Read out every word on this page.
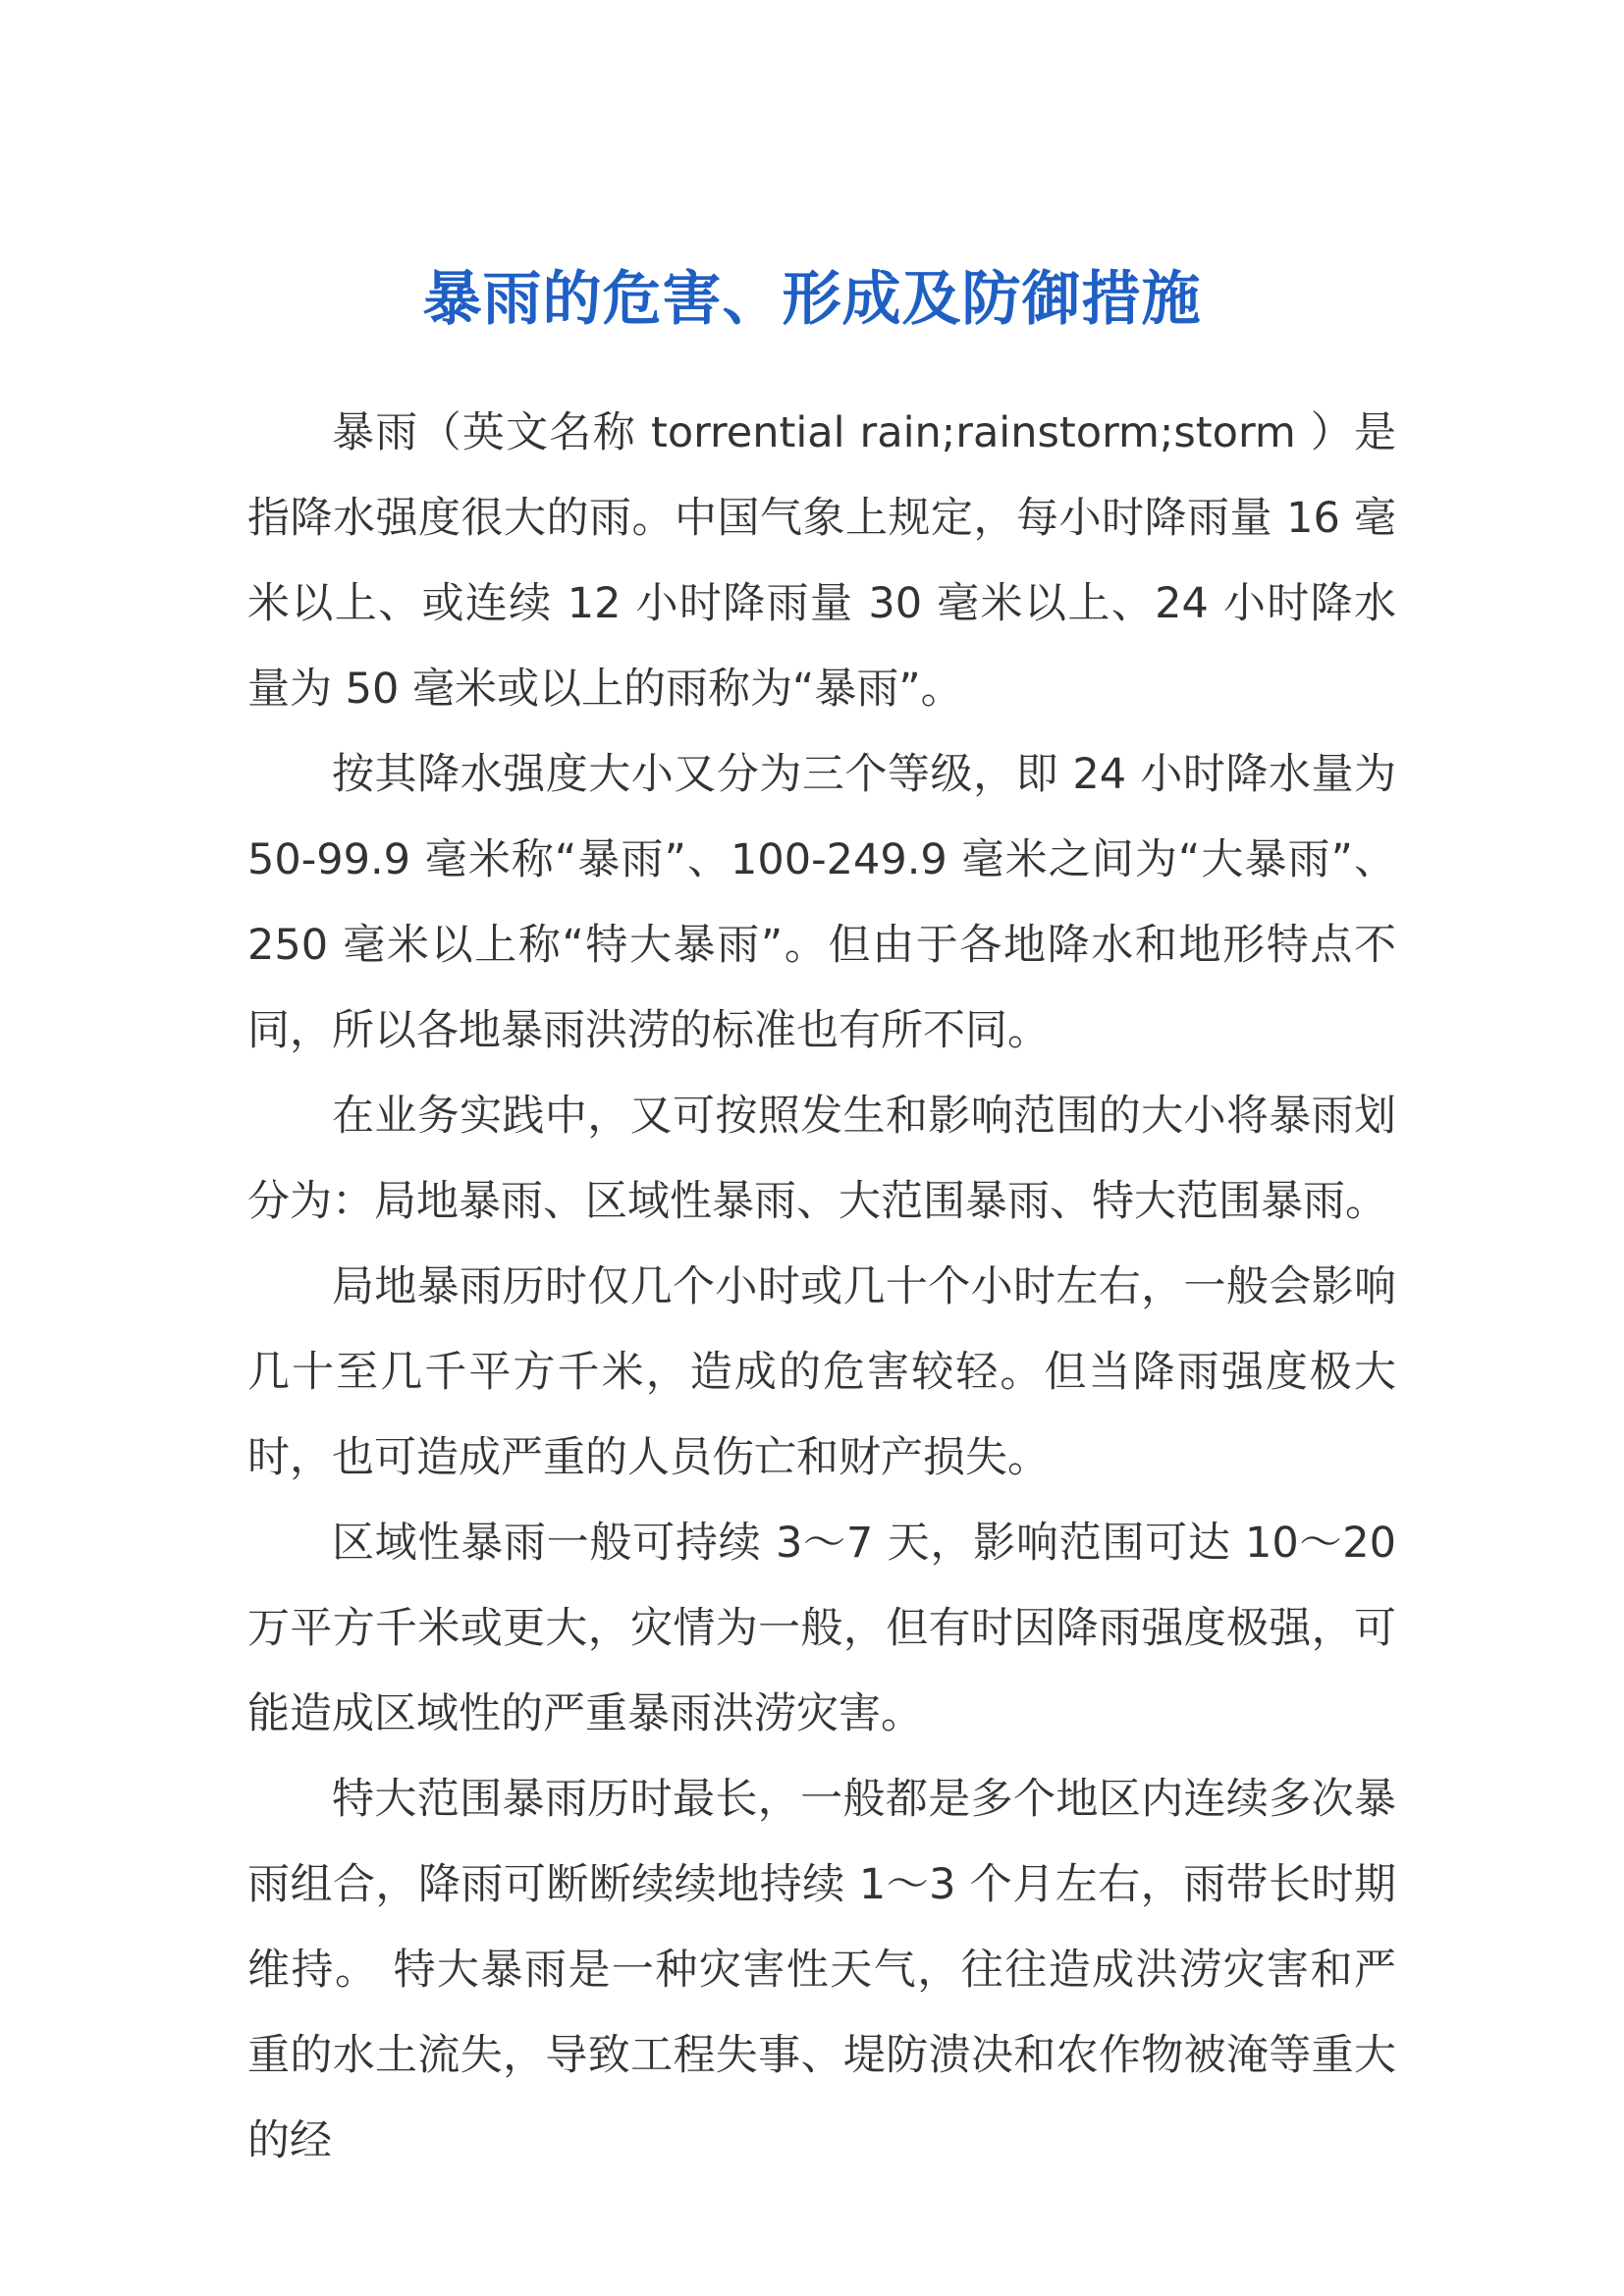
暴雨的危害、形成及防御措施

暴雨（英文名称 torrential rain;rainstorm;storm ）是指降水强度很大的雨。中国气象上规定，每小时降雨量 16 毫米以上、或连续 12 小时降雨量 30 毫米以上、24 小时降水量为 50 毫米或以上的雨称为“暴雨”。

按其降水强度大小又分为三个等级，即 24 小时降水量为 50-99.9 毫米称“暴雨”、100-249.9 毫米之间为“大暴雨”、250 毫米以上称“特大暴雨”。但由于各地降水和地形特点不同，所以各地暴雨洪涝的标准也有所不同。

在业务实践中，又可按照发生和影响范围的大小将暴雨划分为：局地暴雨、区域性暴雨、大范围暴雨、特大范围暴雨。

局地暴雨历时仅几个小时或几十个小时左右，一般会影响几十至几千平方千米，造成的危害较轻。但当降雨强度极大时，也可造成严重的人员伤亡和财产损失。

区域性暴雨一般可持续 3～7 天，影响范围可达 10～20 万平方千米或更大，灾情为一般，但有时因降雨强度极强，可能造成区域性的严重暴雨洪涝灾害。

特大范围暴雨历时最长，一般都是多个地区内连续多次暴雨组合，降雨可断断续续地持续 1～3 个月左右，雨带长时期维持。 特大暴雨是一种灾害性天气，往往造成洪涝灾害和严重的水土流失，导致工程失事、堤防溃决和农作物被淹等重大的经
